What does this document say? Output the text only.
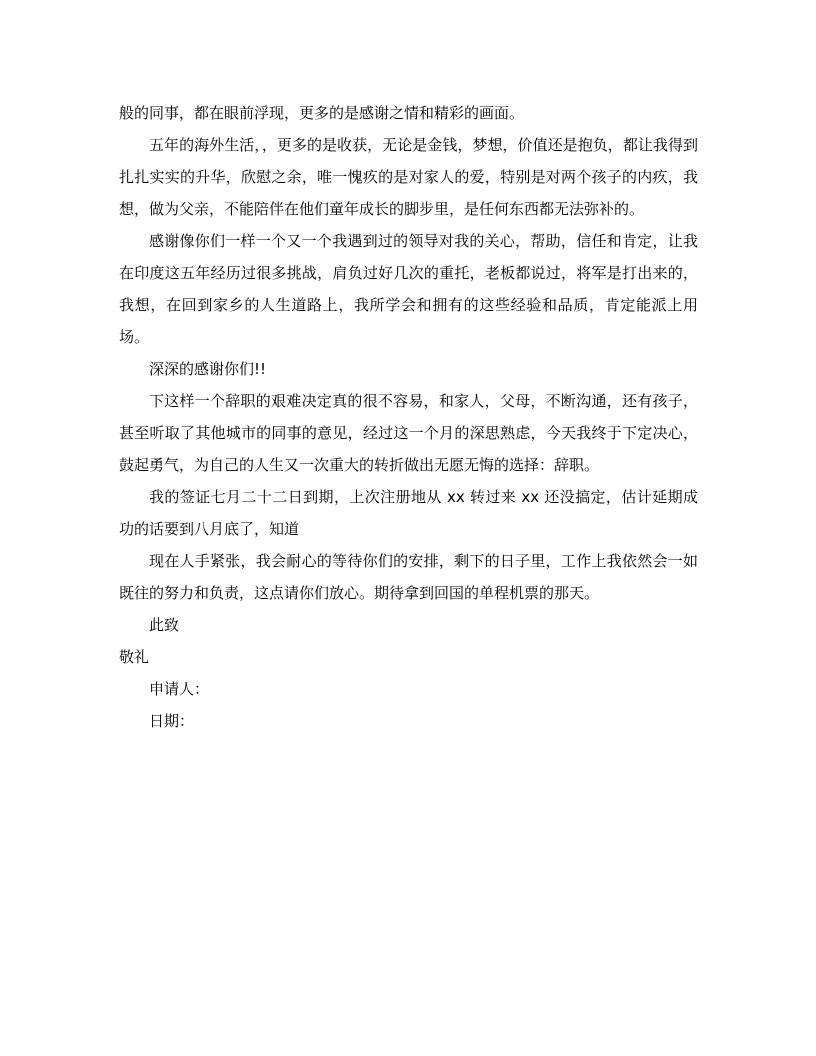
般的同事，都在眼前浮现，更多的是感谢之情和精彩的画面。

五年的海外生活，，更多的是收获，无论是金钱，梦想，价值还是抱负，都让我得到扎扎实实的升华，欣慰之余，唯一愧疚的是对家人的爱，特别是对两个孩子的内疚，我想，做为父亲，不能陪伴在他们童年成长的脚步里，是任何东西都无法弥补的。

感谢像你们一样一个又一个我遇到过的领导对我的关心，帮助，信任和肯定，让我在印度这五年经历过很多挑战，肩负过好几次的重托，老板都说过，将军是打出来的，我想，在回到家乡的人生道路上，我所学会和拥有的这些经验和品质，肯定能派上用场。

深深的感谢你们!!

下这样一个辞职的艰难决定真的很不容易，和家人，父母，不断沟通，还有孩子，甚至听取了其他城市的同事的意见，经过这一个月的深思熟虑，今天我终于下定决心，鼓起勇气，为自己的人生又一次重大的转折做出无愿无悔的选择：辞职。

我的签证七月二十二日到期，上次注册地从 xx 转过来 xx 还没搞定，估计延期成功的话要到八月底了，知道

现在人手紧张，我会耐心的等待你们的安排，剩下的日子里，工作上我依然会一如既往的努力和负责，这点请你们放心。期待拿到回国的单程机票的那天。

此致

敬礼

申请人：

日期：
